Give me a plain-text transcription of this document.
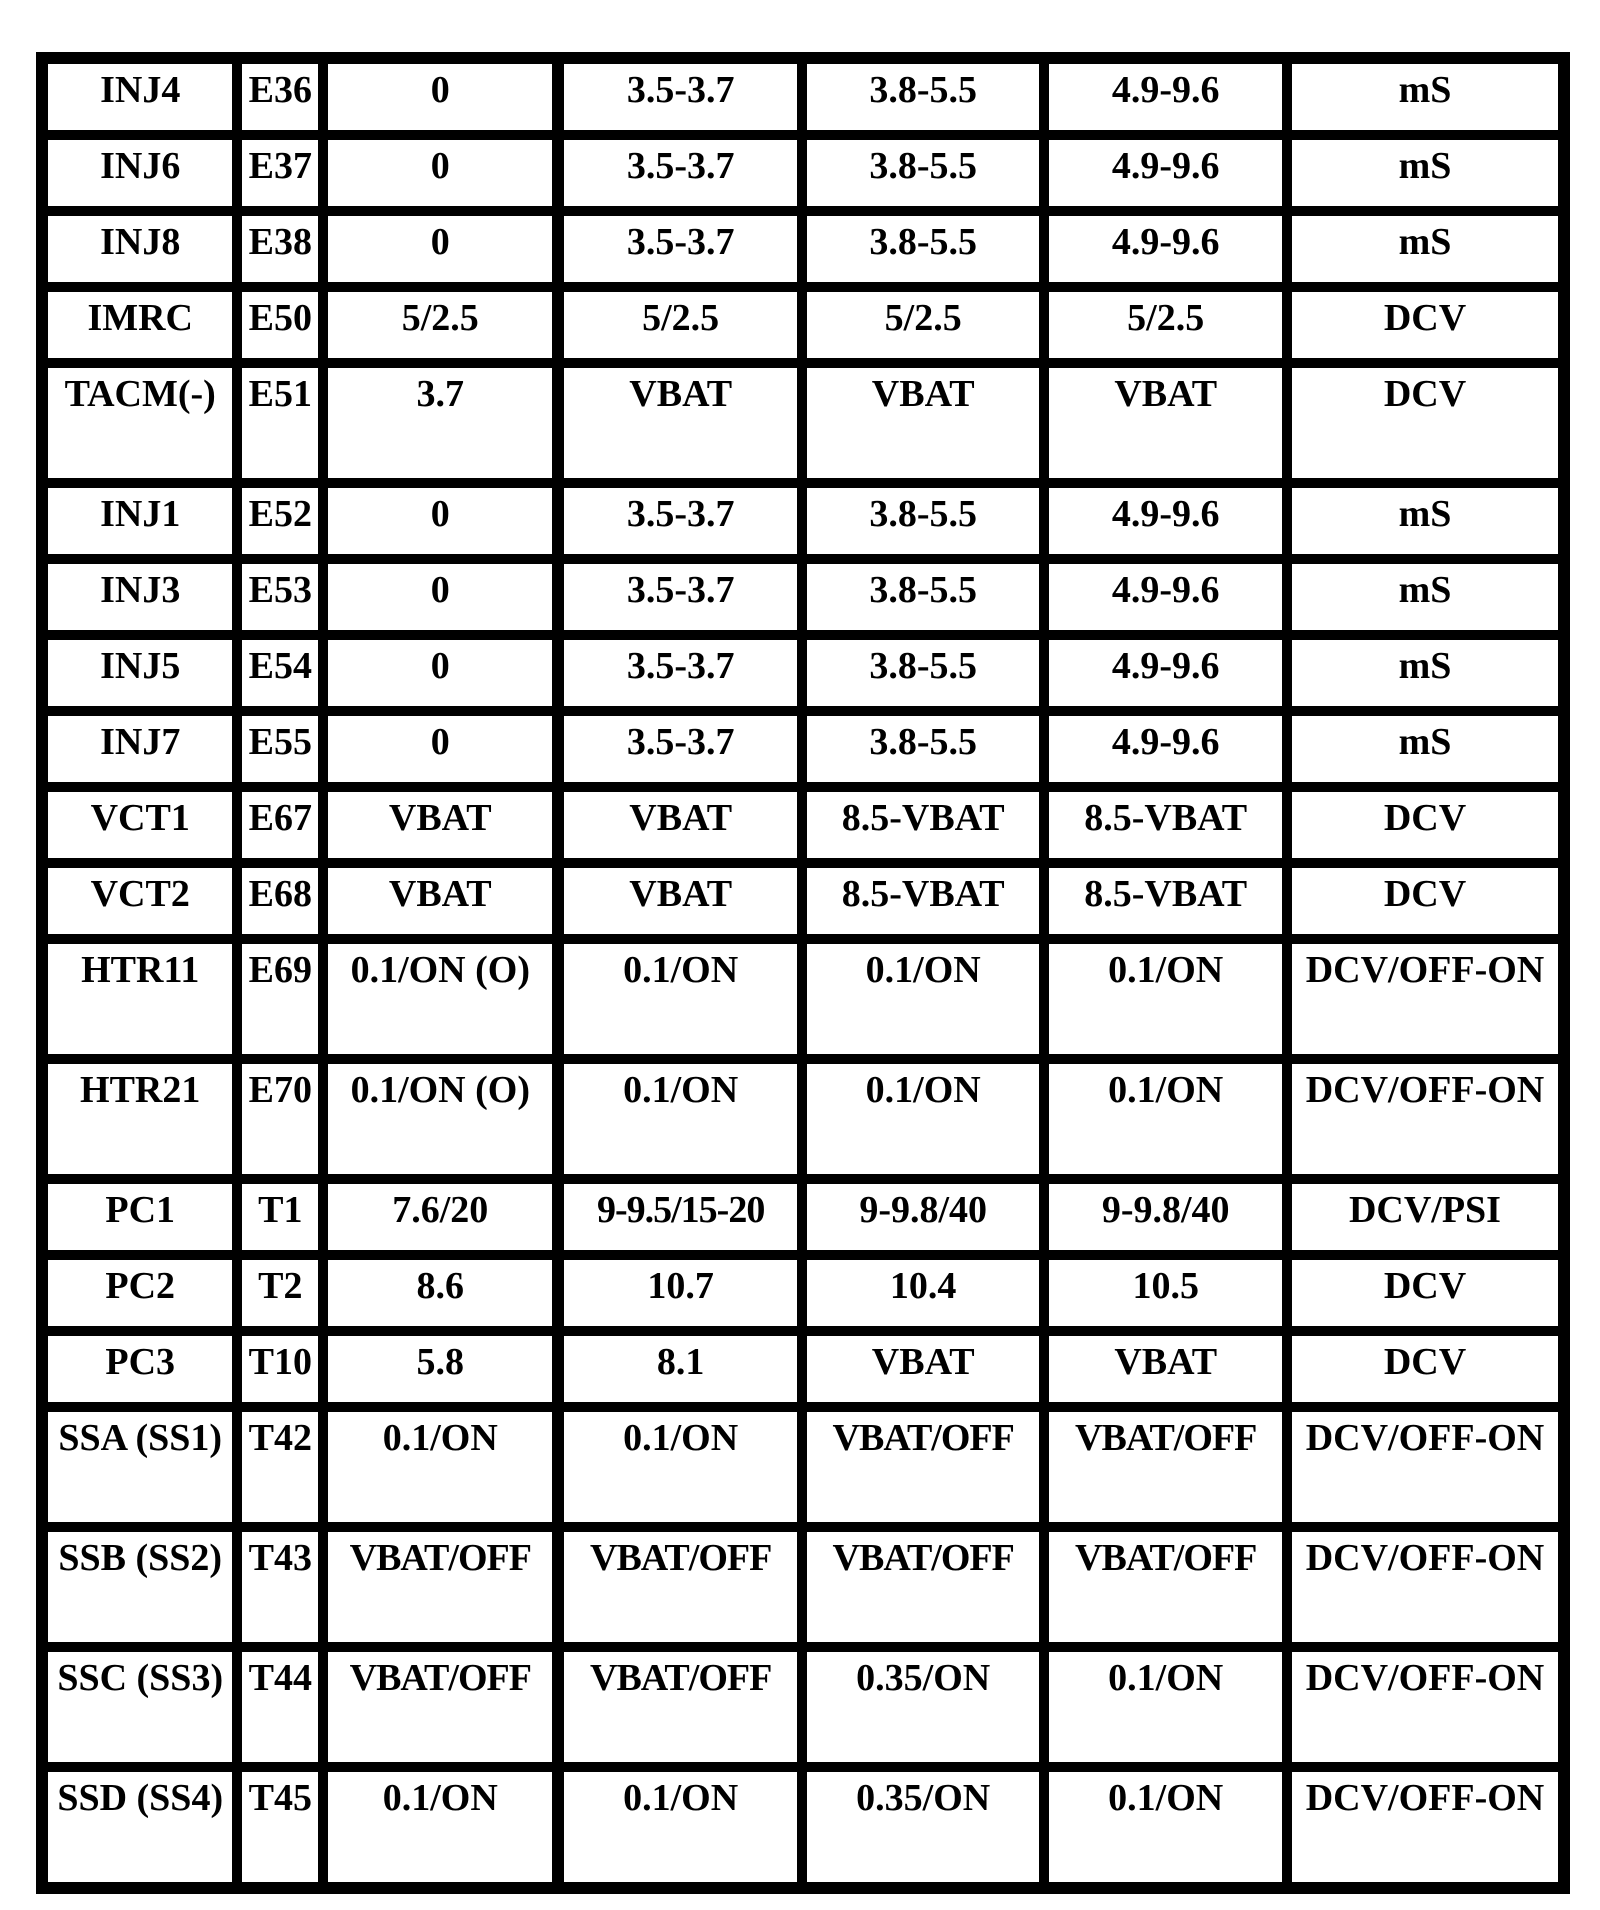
INJ4	E36	0	3.5-3.7	3.8-5.5	4.9-9.6	mS
INJ6	E37	0	3.5-3.7	3.8-5.5	4.9-9.6	mS
INJ8	E38	0	3.5-3.7	3.8-5.5	4.9-9.6	mS
IMRC	E50	5/2.5	5/2.5	5/2.5	5/2.5	DCV
TACM(-)	E51	3.7	VBAT	VBAT	VBAT	DCV
INJ1	E52	0	3.5-3.7	3.8-5.5	4.9-9.6	mS
INJ3	E53	0	3.5-3.7	3.8-5.5	4.9-9.6	mS
INJ5	E54	0	3.5-3.7	3.8-5.5	4.9-9.6	mS
INJ7	E55	0	3.5-3.7	3.8-5.5	4.9-9.6	mS
VCT1	E67	VBAT	VBAT	8.5-VBAT	8.5-VBAT	DCV
VCT2	E68	VBAT	VBAT	8.5-VBAT	8.5-VBAT	DCV
HTR11	E69	0.1/ON (O)	0.1/ON	0.1/ON	0.1/ON	DCV/OFF-ON
HTR21	E70	0.1/ON (O)	0.1/ON	0.1/ON	0.1/ON	DCV/OFF-ON
PC1	T1	7.6/20	9-9.5/15-20	9-9.8/40	9-9.8/40	DCV/PSI
PC2	T2	8.6	10.7	10.4	10.5	DCV
PC3	T10	5.8	8.1	VBAT	VBAT	DCV
SSA (SS1)	T42	0.1/ON	0.1/ON	VBAT/OFF	VBAT/OFF	DCV/OFF-ON
SSB (SS2)	T43	VBAT/OFF	VBAT/OFF	VBAT/OFF	VBAT/OFF	DCV/OFF-ON
SSC (SS3)	T44	VBAT/OFF	VBAT/OFF	0.35/ON	0.1/ON	DCV/OFF-ON
SSD (SS4)	T45	0.1/ON	0.1/ON	0.35/ON	0.1/ON	DCV/OFF-ON
